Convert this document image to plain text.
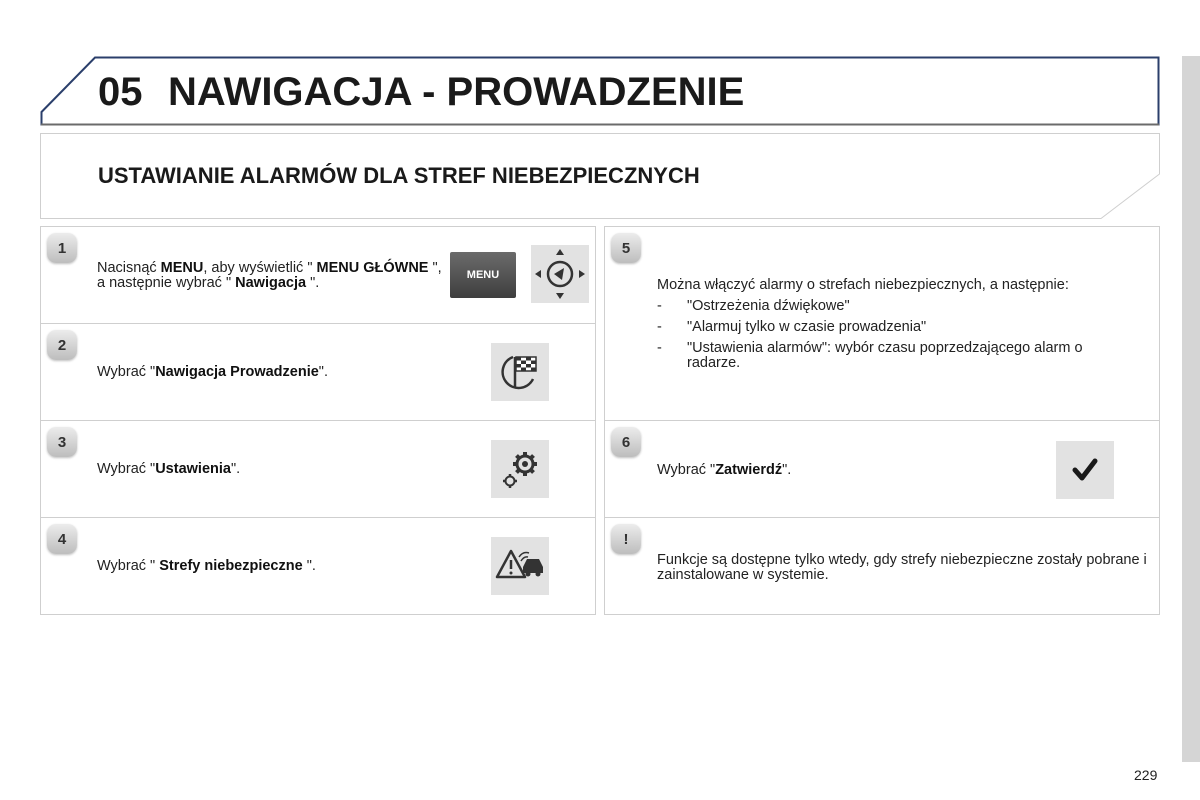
05 NAWIGACJA - PROWADZENIE
USTAWIANIE ALARMÓW DLA STREF NIEBEZPIECZNYCH
1
Nacisnąć MENU, aby wyświetlić " MENU GŁÓWNE ", a następnie wybrać " Nawigacja ".	MENU
2
Wybrać "Nawigacja Prowadzenie".
3
Wybrać "Ustawienia".
4
Wybrać " Strefy niebezpieczne ".
5
Można włączyć alarmy o strefach niebezpiecznych, a następnie:
- "Ostrzeżenia dźwiękowe"
- "Alarmuj tylko w czasie prowadzenia"
- "Ustawienia alarmów": wybór czasu poprzedzającego alarm o radarze.
6
Wybrać "Zatwierdź".
!
Funkcje są dostępne tylko wtedy, gdy strefy niebezpieczne zostały pobrane i zainstalowane w systemie.
229
